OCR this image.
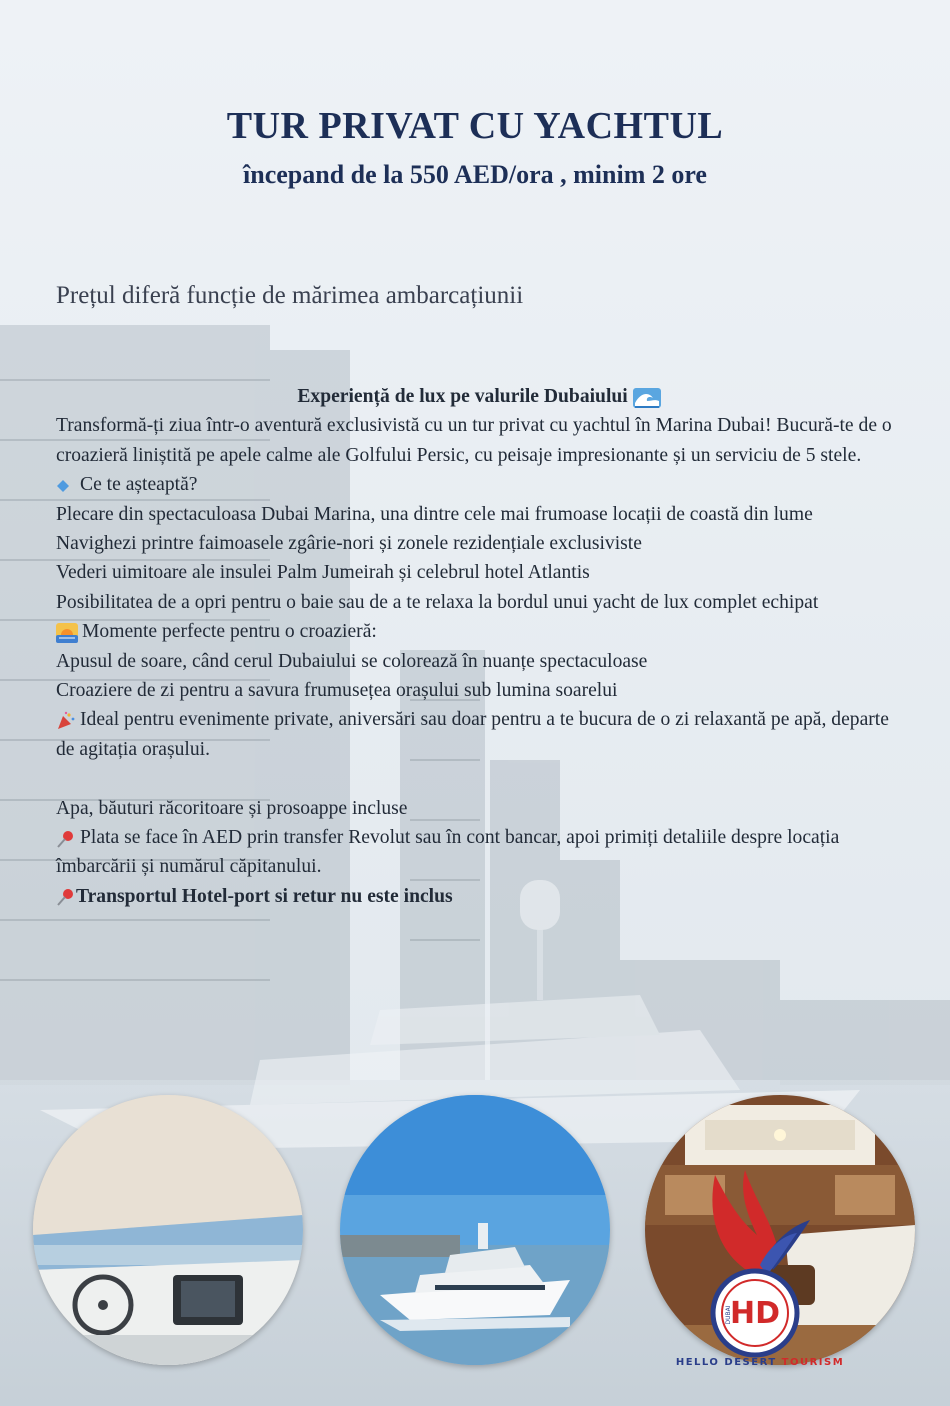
TUR PRIVAT CU YACHTUL
începand de la 550 AED/ora , minim 2 ore
Prețul diferă funcție de mărimea ambarcațiunii

Experiență de lux pe valurile Dubaiului

Transformă-ți ziua într-o aventură exclusivistă cu un tur privat cu yachtul în Marina Dubai! Bucură-te de o croazieră liniștită pe apele calme ale Golfului Persic, cu peisaje impresionante și un serviciu de 5 stele.

Ce te așteaptă?

Plecare din spectaculoasa Dubai Marina, una dintre cele mai frumoase locații de coastă din lume

Navighezi printre faimoasele zgârie-nori și zonele rezidențiale exclusiviste

Vederi uimitoare ale insulei Palm Jumeirah și celebrul hotel Atlantis

Posibilitatea de a opri pentru o baie sau de a te relaxa la bordul unui yacht de lux complet echipat

Momente perfecte pentru o croazieră:

Apusul de soare, când cerul Dubaiului se colorează în nuanțe spectaculoase

Croaziere de zi pentru a savura frumusețea orașului sub lumina soarelui

Ideal pentru evenimente private, aniversări sau doar pentru a te bucura de o zi relaxantă pe apă, departe de agitația orașului.

Apa, băuturi răcoritoare și prosoappe incluse

Plata se face în AED prin transfer Revolut sau în cont bancar, apoi primiți detaliile despre locația îmbarcării și numărul căpitanului.

Transportul Hotel-port si retur nu este inclus

HD
DUBAI
HELLO DESERT TOURISM
